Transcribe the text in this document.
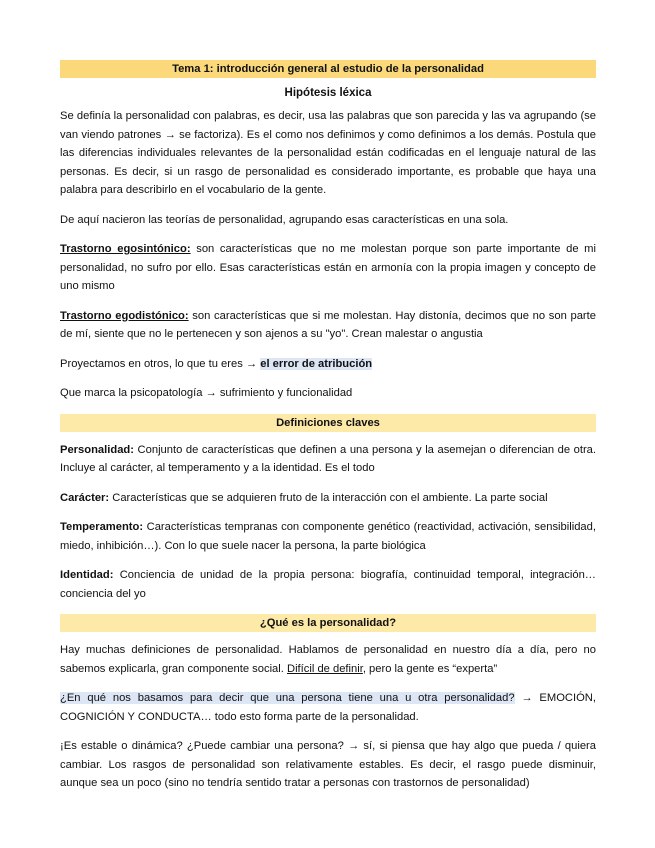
Tema 1: introducción general al estudio de la personalidad
Hipótesis léxica

Se definía la personalidad con palabras, es decir, usa las palabras que son parecida y las va agrupando (se van viendo patrones → se factoriza). Es el como nos definimos y como definimos a los demás. Postula que las diferencias individuales relevantes de la personalidad están codificadas en el lenguaje natural de las personas. Es decir, si un rasgo de personalidad es considerado importante, es probable que haya una palabra para describirlo en el vocabulario de la gente.

De aquí nacieron las teorías de personalidad, agrupando esas características en una sola.

Trastorno egosintónico: son características que no me molestan porque son parte importante de mi personalidad, no sufro por ello. Esas características están en armonía con la propia imagen y concepto de uno mismo

Trastorno egodistónico: son características que si me molestan. Hay distonía, decimos que no son parte de mí, siente que no le pertenecen y son ajenos a su "yo". Crean malestar o angustia

Proyectamos en otros, lo que tu eres → el error de atribución

Que marca la psicopatología → sufrimiento y funcionalidad

Definiciones claves

Personalidad: Conjunto de características que definen a una persona y la asemejan o diferencian de otra. Incluye al carácter, al temperamento y a la identidad. Es el todo

Carácter: Características que se adquieren fruto de la interacción con el ambiente. La parte social

Temperamento: Características tempranas con componente genético (reactividad, activación, sensibilidad, miedo, inhibición…). Con lo que suele nacer la persona, la parte biológica

Identidad: Conciencia de unidad de la propia persona: biografía, continuidad temporal, integración… conciencia del yo

¿Qué es la personalidad?

Hay muchas definiciones de personalidad. Hablamos de personalidad en nuestro día a día, pero no sabemos explicarla, gran componente social. Difícil de definir, pero la gente es “experta”

¿En qué nos basamos para decir que una persona tiene una u otra personalidad? → EMOCIÓN, COGNICIÓN Y CONDUCTA… todo esto forma parte de la personalidad.

¡Es estable o dinámica? ¿Puede cambiar una persona? → sí, si piensa que hay algo que pueda / quiera cambiar. Los rasgos de personalidad son relativamente estables. Es decir, el rasgo puede disminuir, aunque sea un poco (sino no tendría sentido tratar a personas con trastornos de personalidad)
